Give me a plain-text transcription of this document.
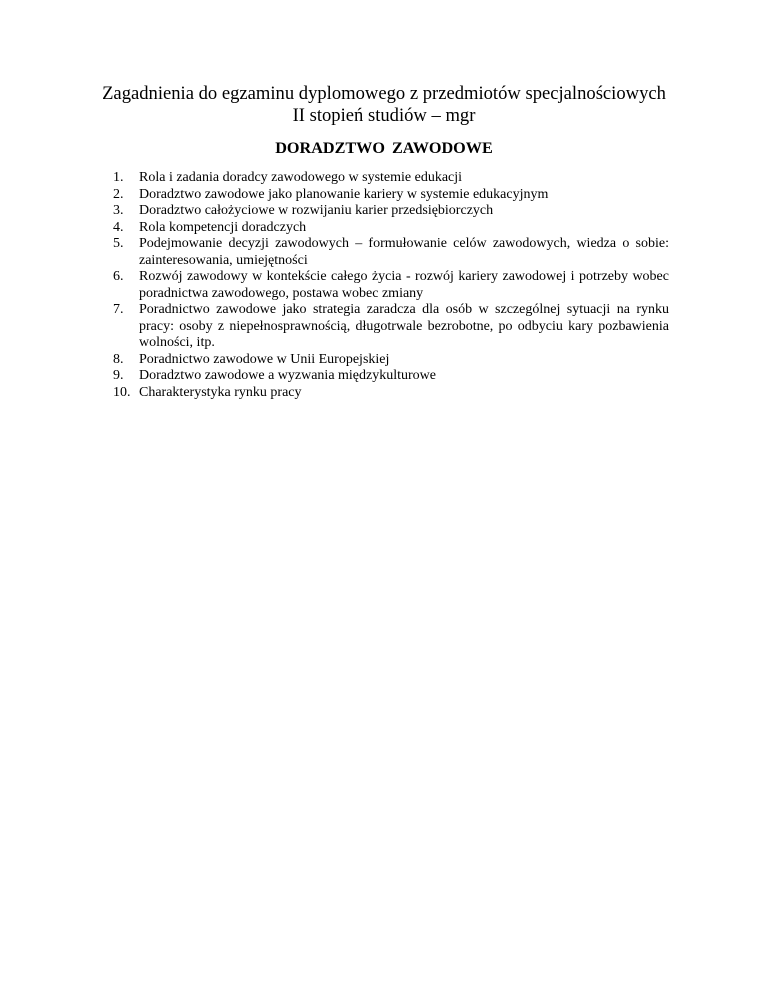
Zagadnienia do egzaminu dyplomowego z przedmiotów specjalnościowych

II stopień studiów – mgr

DORADZTWO ZAWODOWE

1. Rola i zadania doradcy zawodowego w systemie edukacji
2. Doradztwo zawodowe jako planowanie kariery w systemie edukacyjnym
3. Doradztwo całożyciowe w rozwijaniu karier przedsiębiorczych
4. Rola kompetencji doradczych
5. Podejmowanie decyzji zawodowych – formułowanie celów zawodowych, wiedza o sobie: zainteresowania, umiejętności
6. Rozwój zawodowy w kontekście całego życia - rozwój kariery zawodowej i potrzeby wobec poradnictwa zawodowego, postawa wobec zmiany
7. Poradnictwo zawodowe jako strategia zaradcza dla osób w szczególnej sytuacji na rynku pracy: osoby z niepełnosprawnością, długotrwale bezrobotne, po odbyciu kary pozbawienia wolności, itp.
8. Poradnictwo zawodowe w Unii Europejskiej
9. Doradztwo zawodowe a wyzwania międzykulturowe
10. Charakterystyka rynku pracy
